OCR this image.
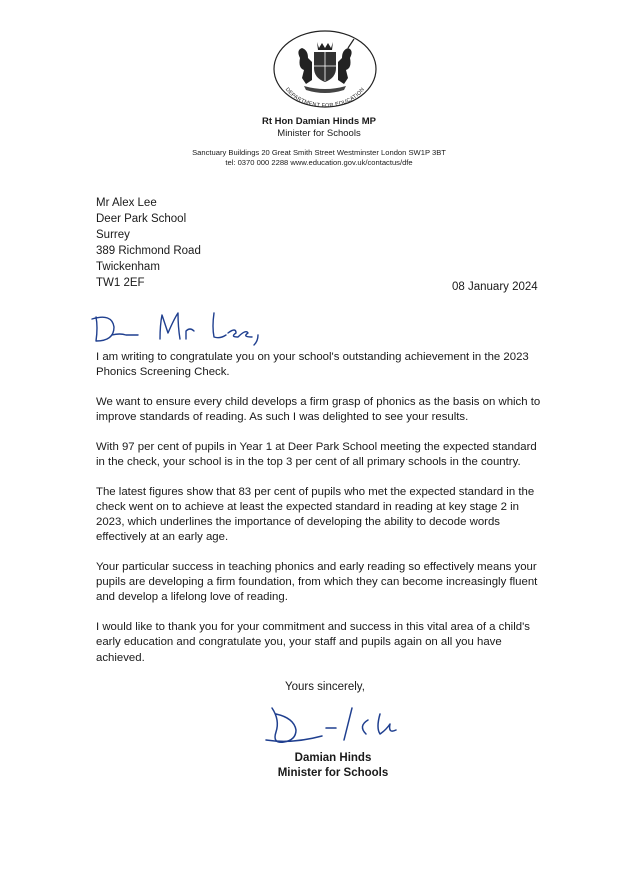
DEPARTMENT FOR EDUCATION
Rt Hon Damian Hinds MP
Minister for Schools
Sanctuary Buildings 20 Great Smith Street Westminster London SW1P 3BT
tel: 0370 000 2288 www.education.gov.uk/contactus/dfe
Mr Alex Lee
Deer Park School
Surrey
389 Richmond Road
Twickenham
TW1 2EF	08 January 2024

I am writing to congratulate you on your school's outstanding achievement in the 2023 Phonics Screening Check.

We want to ensure every child develops a firm grasp of phonics as the basis on which to improve standards of reading. As such I was delighted to see your results.

With 97 per cent of pupils in Year 1 at Deer Park School meeting the expected standard in the check, your school is in the top 3 per cent of all primary schools in the country.

The latest figures show that 83 per cent of pupils who met the expected standard in the check went on to achieve at least the expected standard in reading at key stage 2 in 2023, which underlines the importance of developing the ability to decode words effectively at an early age.

Your particular success in teaching phonics and early reading so effectively means your pupils are developing a firm foundation, from which they can become increasingly fluent and develop a lifelong love of reading.

I would like to thank you for your commitment and success in this vital area of a child's early education and congratulate you, your staff and pupils again on all you have achieved.

Yours sincerely,
Damian Hinds
Minister for Schools
